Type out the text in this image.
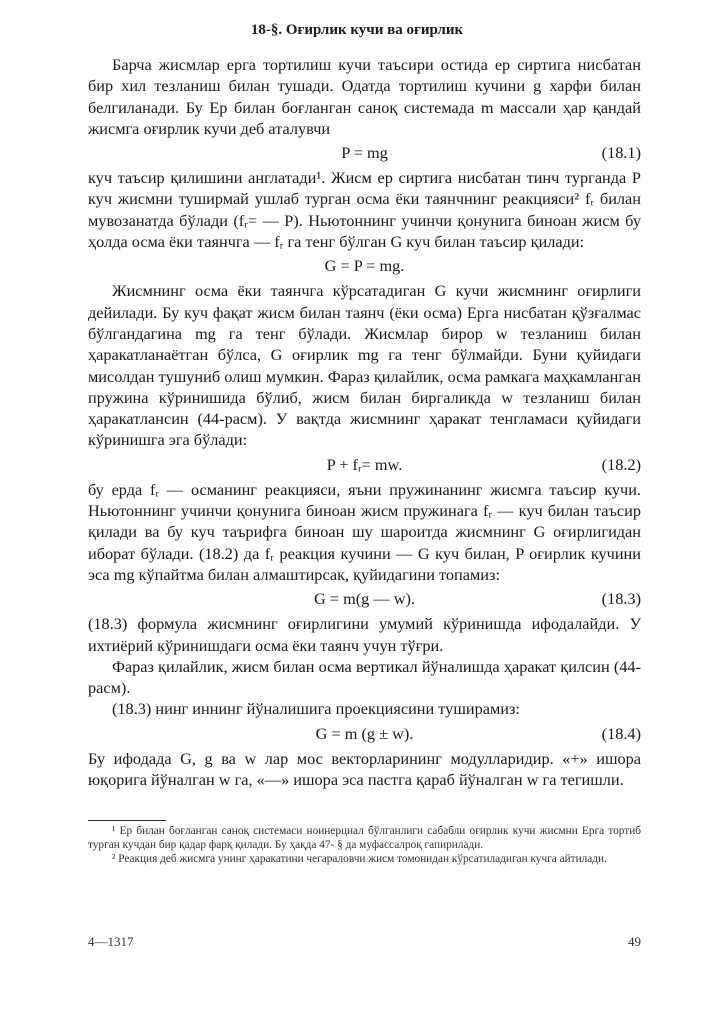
18-§. Оғирлик кучи ва оғирлик

Барча жисмлар ерга тортилиш кучи таъсири остида ер сиртига нисбатан бир хил тезланиш билан тушади. Одатда тортилиш кучини g харфи билан белгиланади. Бу Ер билан боғланган саноқ системада m массали ҳар қандай жисмга оғирлик кучи деб аталувчи

P = mg	(18.1)

куч таъсир қилишини англатади¹. Жисм ер сиртига нисбатан тинч турганда P куч жисмни туширмай ушлаб турган осма ёки таянчнинг реакцияси² fᵣ билан мувозанатда бўлади (fᵣ= — P). Ньютоннинг учинчи қонунига биноан жисм бу ҳолда осма ёки таянчга — fᵣ га тенг бўлган G куч билан таъсир қилади:

G = P = mg.

Жисмнинг осма ёки таянчга кўрсатадиган G кучи жисмнинг оғирлиги дейилади. Бу куч фақат жисм билан таянч (ёки осма) Ерга нисбатан қўзғалмас бўлгандагина mg га тенг бўлади. Жисмлар бирор w тезланиш билан ҳаракатланаётган бўлса, G оғирлик mg га тенг бўлмайди. Буни қуйидаги мисолдан тушуниб олиш мумкин. Фараз қилайлик, осма рамкага маҳкамланган пружина кўринишида бўлиб, жисм билан биргаликда w тезланиш билан ҳаракатлансин (44-расм). У вақтда жисмнинг ҳаракат тенгламаси қуйидаги кўринишга эга бўлади:

P + fᵣ= mw.	(18.2)

бу ерда fᵣ — османинг реакцияси, яъни пружинанинг жисмга таъсир кучи. Ньютоннинг учинчи қонунига биноан жисм пружинага fᵣ — куч билан таъсир қилади ва бу куч таърифга биноан шу шароитда жисмнинг G оғирлигидан иборат бўлади. (18.2) да fᵣ реакция кучини — G куч билан, P оғирлик кучини эса mg кўпайтма билан алмаштирсак, қуйидагини топамиз:

G = m(g — w).	(18.3)

(18.3) формула жисмнинг оғирлигини умумий кўринишда ифодалайди. У ихтиёрий кўринишдаги осма ёки таянч учун тўғри.

Фараз қилайлик, жисм билан осма вертикал йўналишда ҳаракат қилсин (44-расм).

(18.3) нинг иннинг йўналишига проекциясини туширамиз:

G = m (g ± w).	(18.4)

Бу ифодада G, g ва w лар мос векторларининг модулларидир. «+» ишора юқорига йўналган w га, «—» ишора эса пастга қараб йўналган w га тегишли.

¹ Ер билан боғланган саноқ системаси ноинерциал бўлганлиги сабабли оғирлик кучи жисмни Ерга тортиб турган кучдан бир қадар фарқ қилади. Бу ҳақда 47- § да муфассалроқ гапирилади.

² Реакция деб жисмга унинг ҳаракатини чегараловчи жисм томонидан кўрсатиладиган кучга айтилади.

4—1317	49
